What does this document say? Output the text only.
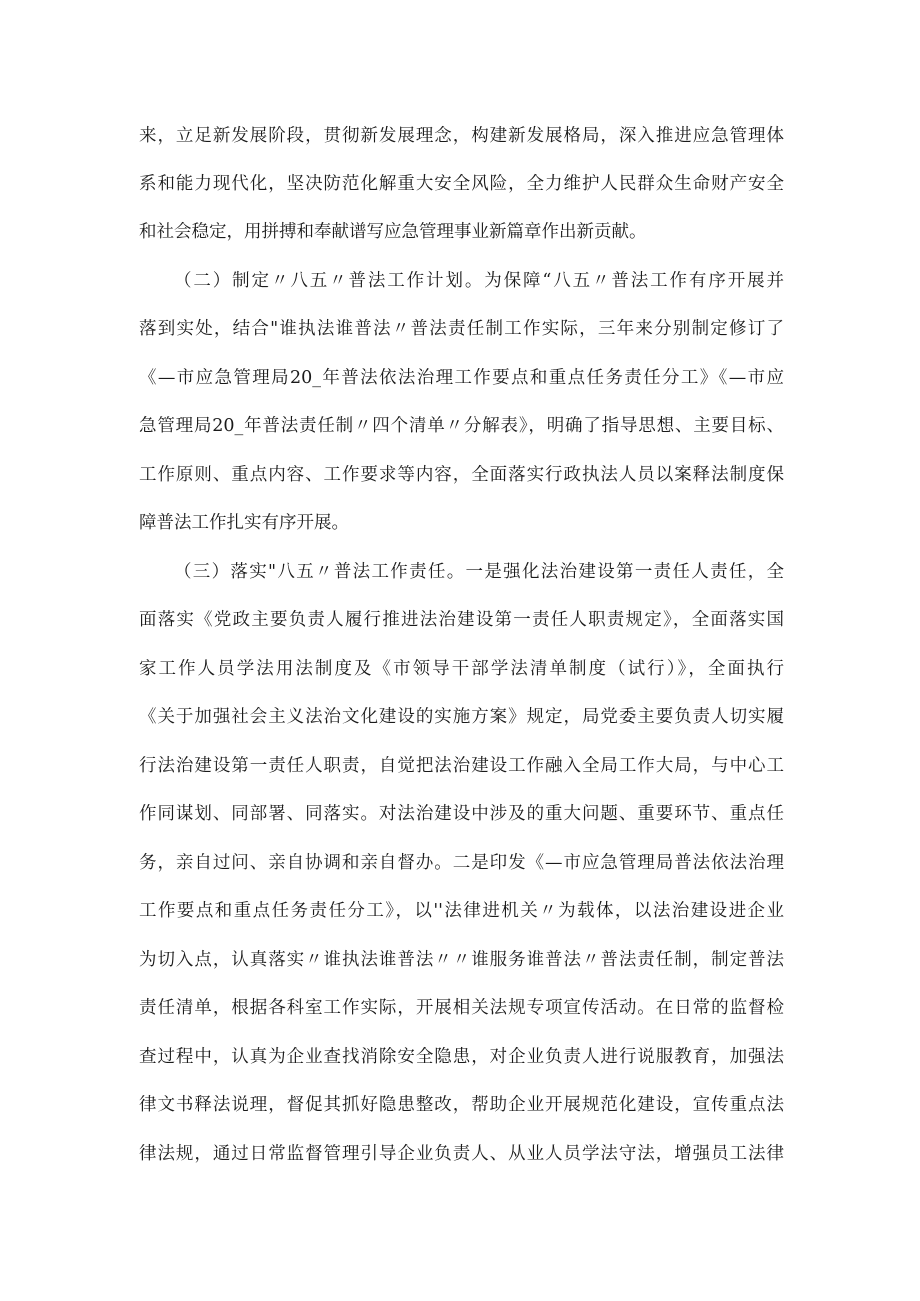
来，立足新发展阶段，贯彻新发展理念，构建新发展格局，深入推进应急管理体
系和能力现代化，坚决防范化解重大安全风险，全力维护人民群众生命财产安全
和社会稳定，用拼搏和奉献谱写应急管理事业新篇章作出新贡献。
（二）制定〃八五〃普法工作计划。为保障“八五〃普法工作有序开展并
落到实处，结合"谁执法谁普法〃普法责任制工作实际，三年来分别制定修订了
《—市应急管理局20_年普法依法治理工作要点和重点任务责任分工》《—市应
急管理局20_年普法责任制〃四个清单〃分解表》，明确了指导思想、主要目标、
工作原则、重点内容、工作要求等内容，全面落实行政执法人员以案释法制度保
障普法工作扎实有序开展。
（三）落实"八五〃普法工作责任。一是强化法治建设第一责任人责任，全
面落实《党政主要负责人履行推进法治建设第一责任人职责规定》，全面落实国
家工作人员学法用法制度及《市领导干部学法清单制度（试行）》，全面执行
《关于加强社会主义法治文化建设的实施方案》规定，局党委主要负责人切实履
行法治建设第一责任人职责，自觉把法治建设工作融入全局工作大局，与中心工
作同谋划、同部署、同落实。对法治建设中涉及的重大问题、重要环节、重点任
务，亲自过问、亲自协调和亲自督办。二是印发《—市应急管理局普法依法治理
工作要点和重点任务责任分工》，以''法律进机关〃为载体，以法治建设进企业
为切入点，认真落实〃谁执法谁普法〃〃谁服务谁普法〃普法责任制，制定普法
责任清单，根据各科室工作实际，开展相关法规专项宣传活动。在日常的监督检
查过程中，认真为企业查找消除安全隐患，对企业负责人进行说服教育，加强法
律文书释法说理，督促其抓好隐患整改，帮助企业开展规范化建设，宣传重点法
律法规，通过日常监督管理引导企业负责人、从业人员学法守法，增强员工法律
